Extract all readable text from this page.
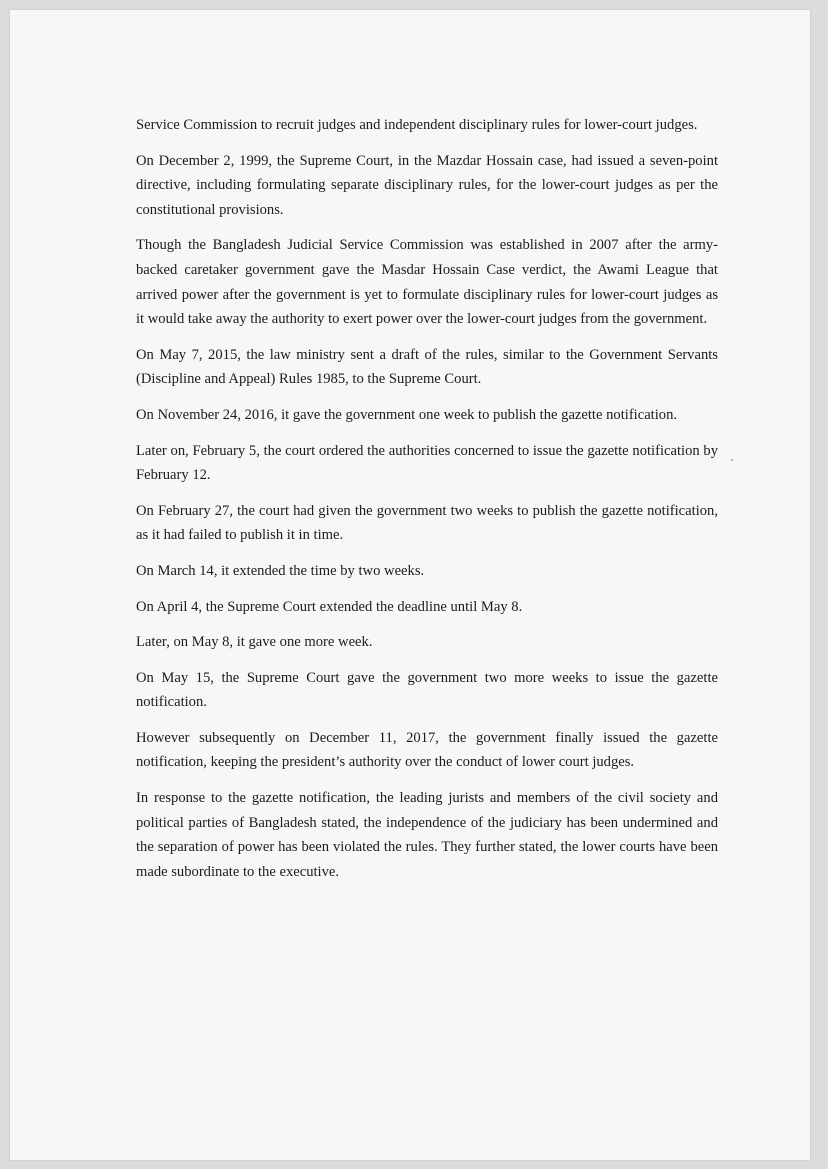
Service Commission to recruit judges and independent disciplinary rules for lower-court judges.

On December 2, 1999, the Supreme Court, in the Mazdar Hossain case, had issued a seven-point directive, including formulating separate disciplinary rules, for the lower-court judges as per the constitutional provisions.

Though the Bangladesh Judicial Service Commission was established in 2007 after the army-backed caretaker government gave the Masdar Hossain Case verdict, the Awami League that arrived power after the government is yet to formulate disciplinary rules for lower-court judges as it would take away the authority to exert power over the lower-court judges from the government.

On May 7, 2015, the law ministry sent a draft of the rules, similar to the Government Servants (Discipline and Appeal) Rules 1985, to the Supreme Court.

On November 24, 2016, it gave the government one week to publish the gazette notification.

Later on, February 5, the court ordered the authorities concerned to issue the gazette notification by February 12.

On February 27, the court had given the government two weeks to publish the gazette notification, as it had failed to publish it in time.

On March 14, it extended the time by two weeks.

On April 4, the Supreme Court extended the deadline until May 8.

Later, on May 8, it gave one more week.

On May 15, the Supreme Court gave the government two more weeks to issue the gazette notification.

However subsequently on December 11, 2017, the government finally issued the gazette notification, keeping the president’s authority over the conduct of lower court judges.

In response to the gazette notification, the leading jurists and members of the civil society and political parties of Bangladesh stated, the independence of the judiciary has been undermined and the separation of power has been violated the rules. They further stated, the lower courts have been made subordinate to the executive.
